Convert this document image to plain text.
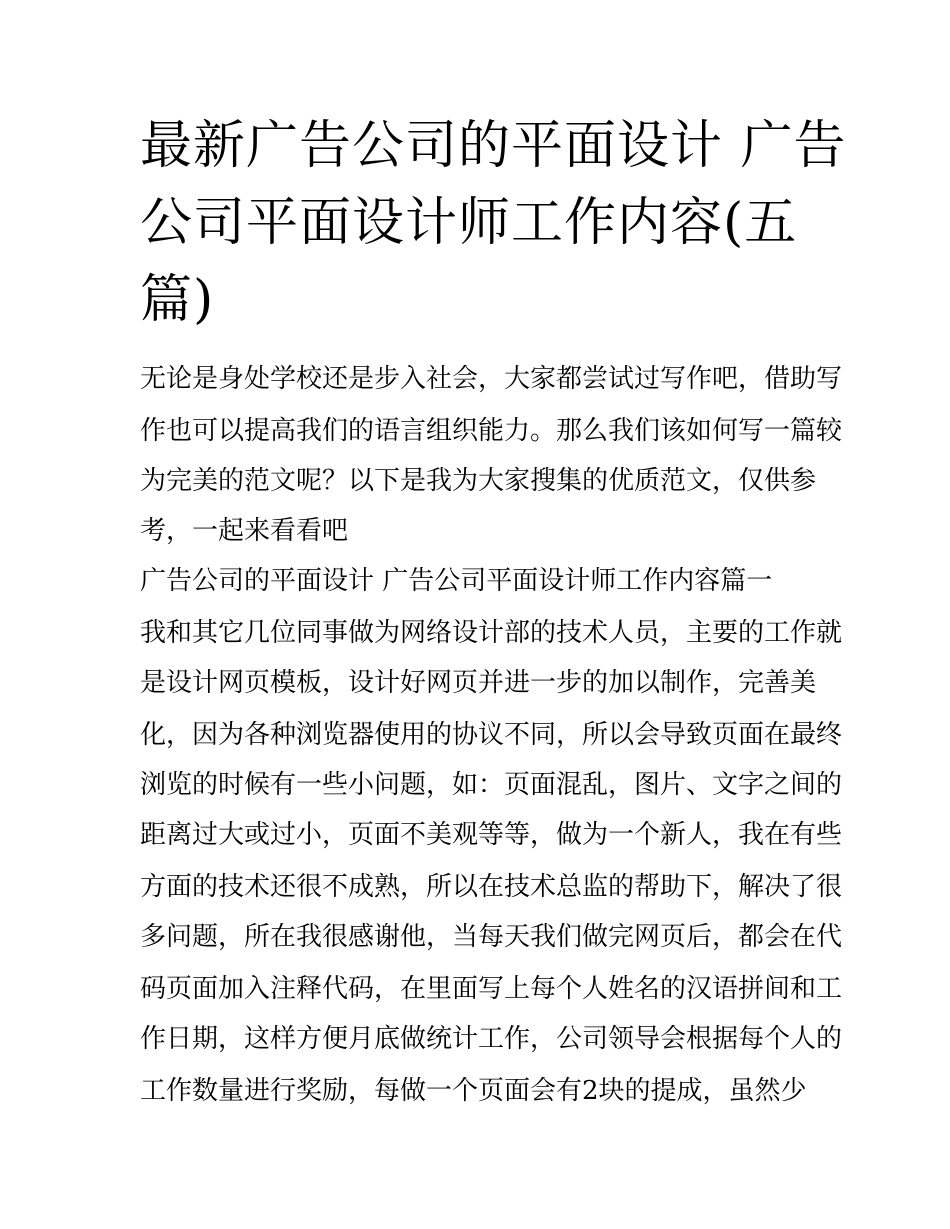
最新广告公司的平面设计 广告
公司平面设计师工作内容(五
篇)
无论是身处学校还是步入社会，大家都尝试过写作吧，借助写
作也可以提高我们的语言组织能力。那么我们该如何写一篇较
为完美的范文呢？以下是我为大家搜集的优质范文，仅供参
考，一起来看看吧
广告公司的平面设计 广告公司平面设计师工作内容篇一
我和其它几位同事做为网络设计部的技术人员，主要的工作就
是设计网页模板，设计好网页并进一步的加以制作，完善美
化，因为各种浏览器使用的协议不同，所以会导致页面在最终
浏览的时候有一些小问题，如：页面混乱，图片、文字之间的
距离过大或过小，页面不美观等等，做为一个新人，我在有些
方面的技术还很不成熟，所以在技术总监的帮助下，解决了很
多问题，所在我很感谢他，当每天我们做完网页后，都会在代
码页面加入注释代码，在里面写上每个人姓名的汉语拼间和工
作日期，这样方便月底做统计工作，公司领导会根据每个人的
工作数量进行奖励，每做一个页面会有2块的提成，虽然少
